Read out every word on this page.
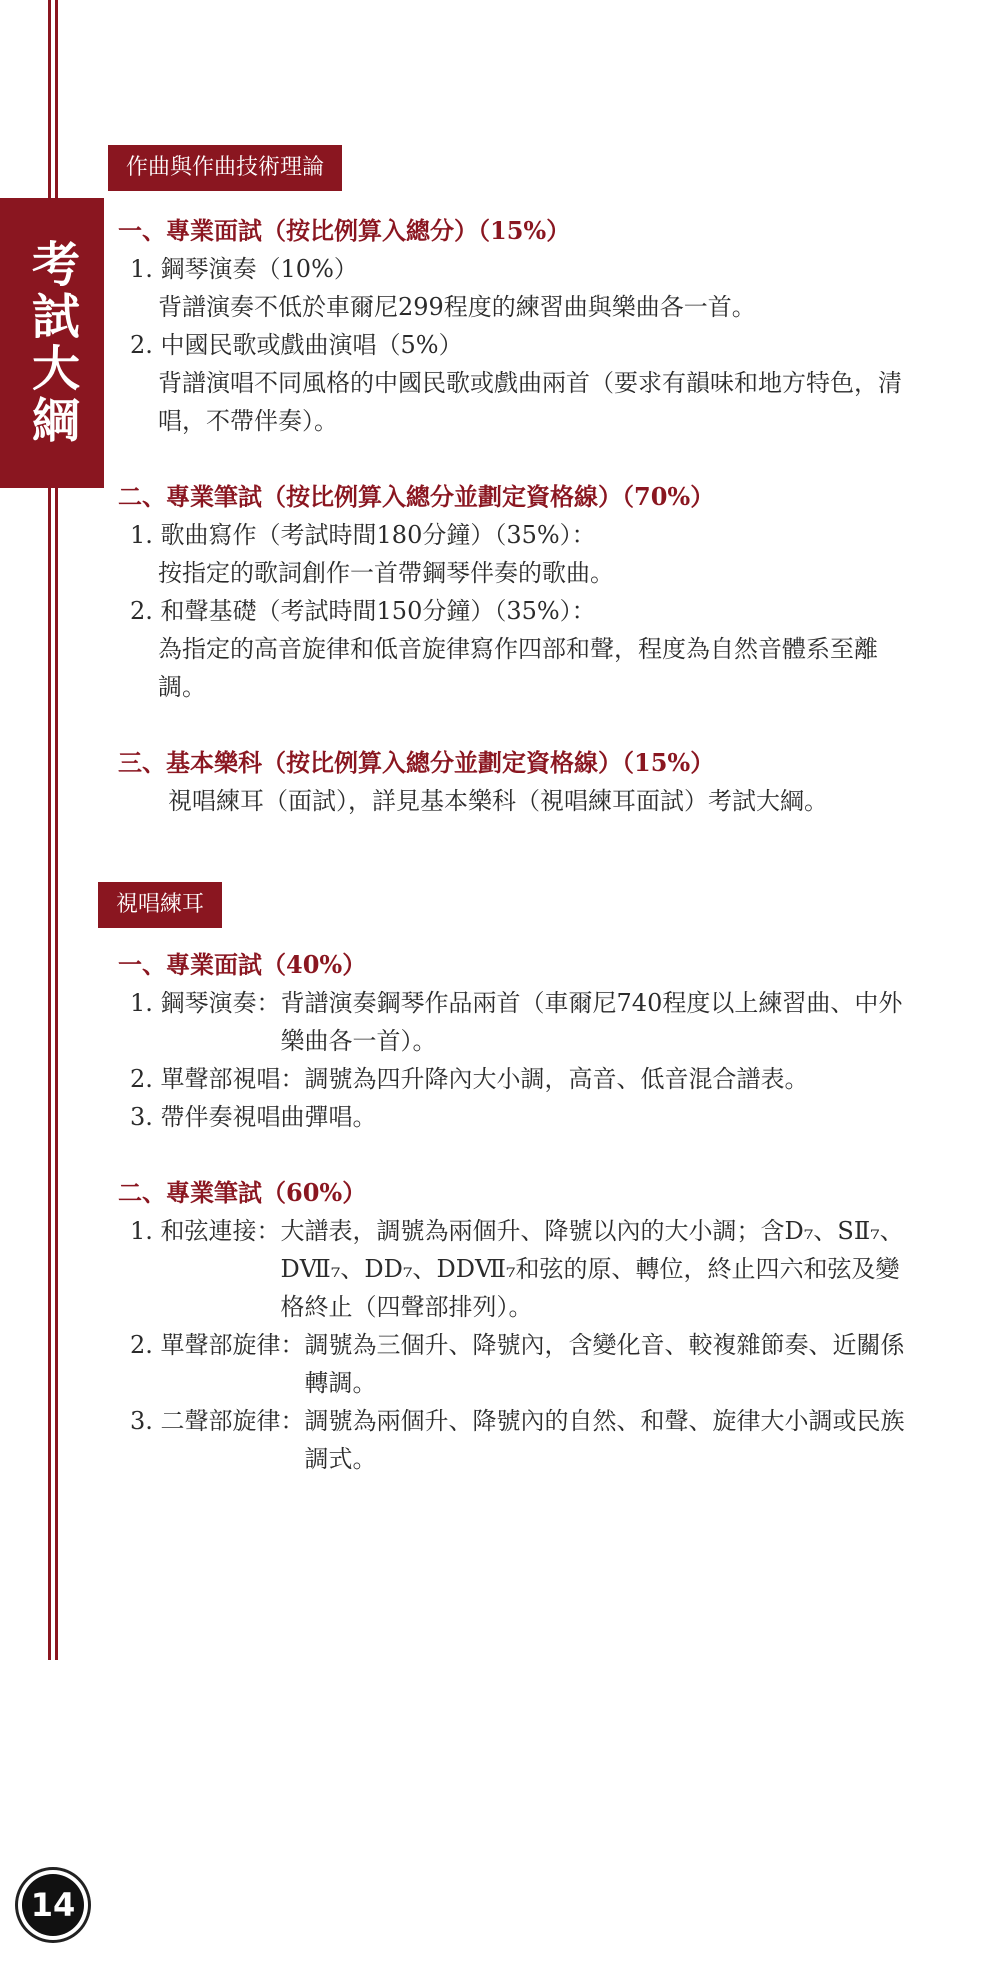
考試大綱
作曲與作曲技術理論
一、專業面試（按比例算入總分）（15%）
1. 鋼琴演奏（10%）
背譜演奏不低於車爾尼299程度的練習曲與樂曲各一首。
2. 中國民歌或戲曲演唱（5%）
背譜演唱不同風格的中國民歌或戲曲兩首（要求有韻味和地方特色，清唱，不帶伴奏）。
二、專業筆試（按比例算入總分並劃定資格線）（70%）
1. 歌曲寫作（考試時間180分鐘）（35%）：
按指定的歌詞創作一首帶鋼琴伴奏的歌曲。
2. 和聲基礎（考試時間150分鐘）（35%）：
為指定的高音旋律和低音旋律寫作四部和聲，程度為自然音體系至離調。
三、基本樂科（按比例算入總分並劃定資格線）（15%）
視唱練耳（面試），詳見基本樂科（視唱練耳面試）考試大綱。
視唱練耳
一、專業面試（40%）
1. 鋼琴演奏： 背譜演奏鋼琴作品兩首（車爾尼740程度以上練習曲、中外樂曲各一首）。
2. 單聲部視唱： 調號為四升降內大小調，高音、低音混合譜表。
3. 帶伴奏視唱曲彈唱。
二、專業筆試（60%）
1. 和弦連接： 大譜表，調號為兩個升、降號以內的大小調；含D₇、SⅡ₇、DⅦ₇、DD₇、DDⅦ₇和弦的原、轉位，終止四六和弦及變格終止（四聲部排列）。
2. 單聲部旋律： 調號為三個升、降號內，含變化音、較複雜節奏、近關係轉調。
3. 二聲部旋律： 調號為兩個升、降號內的自然、和聲、旋律大小調或民族調式。
14
